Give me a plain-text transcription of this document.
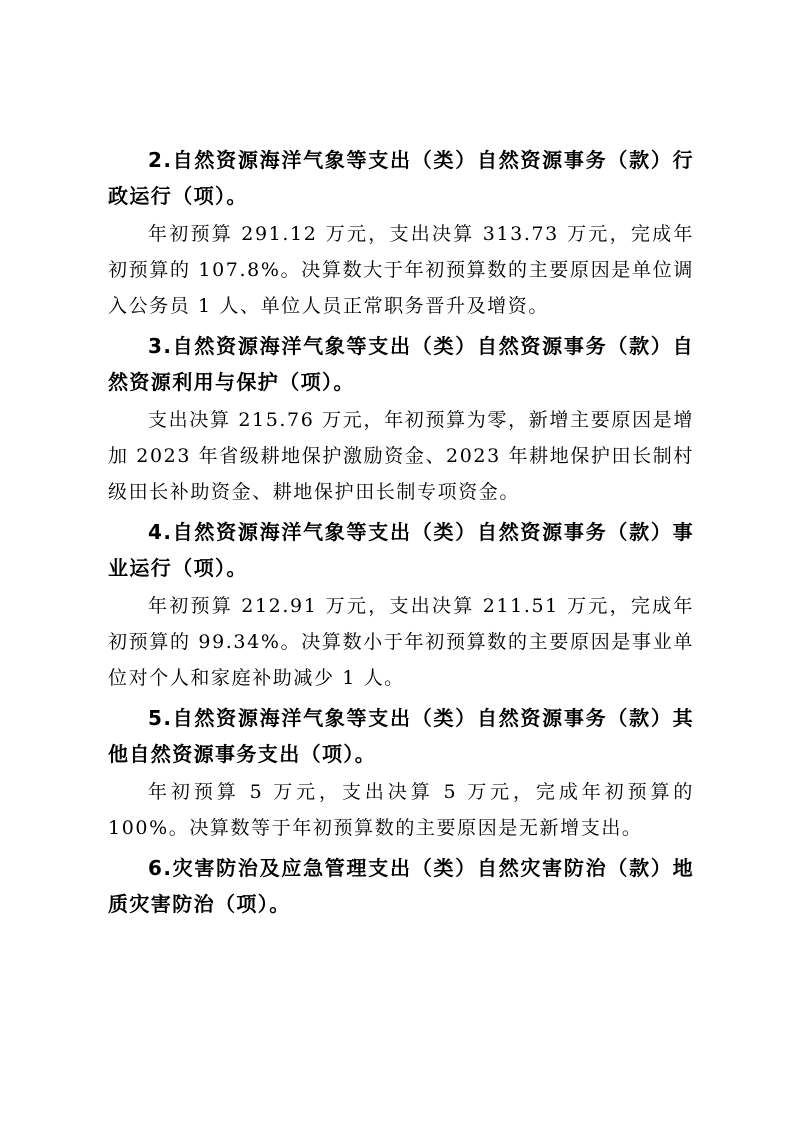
2.自然资源海洋气象等支出（类）自然资源事务（款）行政运行（项）。

年初预算 291.12 万元，支出决算 313.73 万元，完成年初预算的 107.8%。决算数大于年初预算数的主要原因是单位调入公务员 1 人、单位人员正常职务晋升及增资。

3.自然资源海洋气象等支出（类）自然资源事务（款）自然资源利用与保护（项）。

支出决算 215.76 万元，年初预算为零，新增主要原因是增加 2023 年省级耕地保护激励资金、2023 年耕地保护田长制村级田长补助资金、耕地保护田长制专项资金。

4.自然资源海洋气象等支出（类）自然资源事务（款）事业运行（项）。

年初预算 212.91 万元，支出决算 211.51 万元，完成年初预算的 99.34%。决算数小于年初预算数的主要原因是事业单位对个人和家庭补助减少 1 人。

5.自然资源海洋气象等支出（类）自然资源事务（款）其他自然资源事务支出（项）。

年初预算 5 万元，支出决算 5 万元，完成年初预算的 100%。决算数等于年初预算数的主要原因是无新增支出。

6.灾害防治及应急管理支出（类）自然灾害防治（款）地质灾害防治（项）。
